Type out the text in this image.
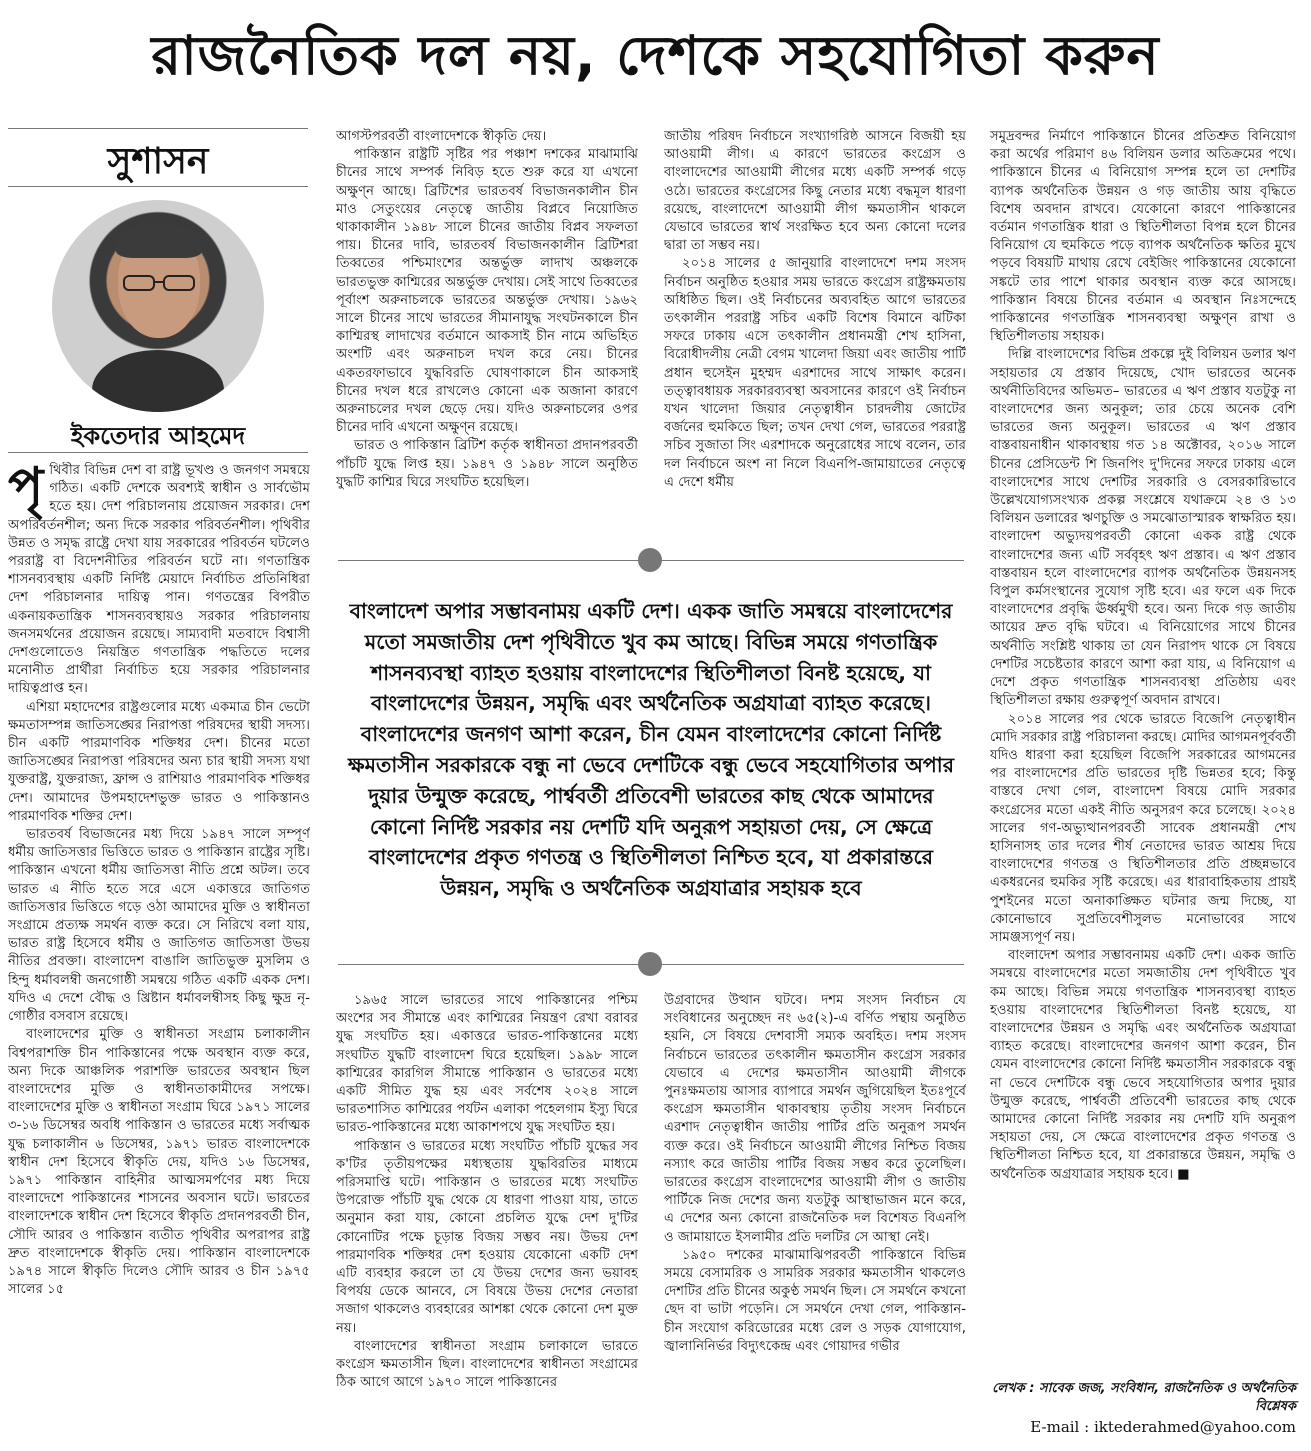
রাজনৈতিক দল নয়, দেশকে সহযোগিতা করুন
সুশাসন
ইকতেদার আহমেদ

পৃথিবীর বিভিন্ন দেশ বা রাষ্ট্র ভূখণ্ড ও জনগণ সমন্বয়ে গঠিত। একটি দেশকে অবশ্যই স্বাধীন ও সার্বভৌম হতে হয়। দেশ পরিচালনায় প্রয়োজন সরকার। দেশ অপরিবর্তনশীল; অন্য দিকে সরকার পরিবর্তনশীল। পৃথিবীর উন্নত ও সমৃদ্ধ রাষ্ট্রে দেখা যায় সরকারের পরিবর্তন ঘটলেও পররাষ্ট্র বা বিদেশনীতির পরিবর্তন ঘটে না। গণতান্ত্রিক শাসনব্যবস্থায় একটি নির্দিষ্ট মেয়াদে নির্বাচিত প্রতিনিধিরা দেশ পরিচালনার দায়িত্ব পান। গণতন্ত্রের বিপরীত একনায়কতান্ত্রিক শাসনব্যবস্থায়ও সরকার পরিচালনায় জনসমর্থনের প্রয়োজন রয়েছে। সাম্যবাদী মতবাদে বিশ্বাসী দেশগুলোতেও নিয়ন্ত্রিত গণতান্ত্রিক পদ্ধতিতে দলের মনোনীত প্রার্থীরা নির্বাচিত হয়ে সরকার পরিচালনার দায়িত্বপ্রাপ্ত হন।

এশিয়া মহাদেশের রাষ্ট্রগুলোর মধ্যে একমাত্র চীন ভেটো ক্ষমতাসম্পন্ন জাতিসঙ্ঘের নিরাপত্তা পরিষদের স্থায়ী সদস্য। চীন একটি পারমাণবিক শক্তিধর দেশ। চীনের মতো জাতিসঙ্ঘের নিরাপত্তা পরিষদের অন্য চার স্থায়ী সদস্য যথা যুক্তরাষ্ট্র, যুক্তরাজ্য, ফ্রান্স ও রাশিয়াও পারমাণবিক শক্তিধর দেশ। আমাদের উপমহাদেশভুক্ত ভারত ও পাকিস্তানও পারমাণবিক শক্তির দেশ।

ভারতবর্ষ বিভাজনের মধ্য দিয়ে ১৯৪৭ সালে সম্পূর্ণ ধর্মীয় জাতিসত্তার ভিত্তিতে ভারত ও পাকিস্তান রাষ্ট্রের সৃষ্টি। পাকিস্তান এখনো ধর্মীয় জাতিসত্তা নীতি প্রশ্নে অটল। তবে ভারত এ নীতি হতে সরে এসে একাত্তরে জাতিগত জাতিসত্তার ভিত্তিতে গড়ে ওঠা আমাদের মুক্তি ও স্বাধীনতা সংগ্রামে প্রত্যক্ষ সমর্থন ব্যক্ত করে। সে নিরিখে বলা যায়, ভারত রাষ্ট্র হিসেবে ধর্মীয় ও জাতিগত জাতিসত্তা উভয় নীতির প্রবক্তা। বাংলাদেশ বাঙালি জাতিভুক্ত মুসলিম ও হিন্দু ধর্মাবলম্বী জনগোষ্ঠী সমন্বয়ে গঠিত একটি একক দেশ। যদিও এ দেশে বৌদ্ধ ও খ্রিষ্টান ধর্মাবলম্বীসহ কিছু ক্ষুদ্র নৃ-গোষ্ঠীর বসবাস রয়েছে।

বাংলাদেশের মুক্তি ও স্বাধীনতা সংগ্রাম চলাকালীন বিশ্বপরাশক্তি চীন পাকিস্তানের পক্ষে অবস্থান ব্যক্ত করে, অন্য দিকে আঞ্চলিক পরাশক্তি ভারতের অবস্থান ছিল বাংলাদেশের মুক্তি ও স্বাধীনতাকামীদের সপক্ষে। বাংলাদেশের মুক্তি ও স্বাধীনতা সংগ্রাম ঘিরে ১৯৭১ সালের ৩-১৬ ডিসেম্বর অবধি পাকিস্তান ও ভারতের মধ্যে সর্বাত্মক যুদ্ধ চলাকালীন ৬ ডিসেম্বর, ১৯৭১ ভারত বাংলাদেশকে স্বাধীন দেশ হিসেবে স্বীকৃতি দেয়, যদিও ১৬ ডিসেম্বর, ১৯৭১ পাকিস্তান বাহিনীর আত্মসমর্পণের মধ্য দিয়ে বাংলাদেশে পাকিস্তানের শাসনের অবসান ঘটে। ভারতের বাংলাদেশকে স্বাধীন দেশ হিসেবে স্বীকৃতি প্রদানপরবর্তী চীন, সৌদি আরব ও পাকিস্তান ব্যতীত পৃথিবীর অপরাপর রাষ্ট্র দ্রুত বাংলাদেশকে স্বীকৃতি দেয়। পাকিস্তান বাংলাদেশকে ১৯৭৪ সালে স্বীকৃতি দিলেও সৌদি আরব ও চীন ১৯৭৫ সালের ১৫

আগস্টপরবর্তী বাংলাদেশকে স্বীকৃতি দেয়।

পাকিস্তান রাষ্ট্রটি সৃষ্টির পর পঞ্চাশ দশকের মাঝামাঝি চীনের সাথে সম্পর্ক নিবিড় হতে শুরু করে যা এখনো অক্ষুণ্ন আছে। ব্রিটিশের ভারতবর্ষ বিভাজনকালীন চীন মাও সেতুংয়ের নেতৃত্বে জাতীয় বিপ্লবে নিয়োজিত থাকাকালীন ১৯৪৮ সালে চীনের জাতীয় বিপ্লব সফলতা পায়। চীনের দাবি, ভারতবর্ষ বিভাজনকালীন ব্রিটিশরা তিব্বতের পশ্চিমাংশের অন্তর্ভুক্ত লাদাখ অঞ্চলকে ভারতভুক্ত কাশ্মিরের অন্তর্ভুক্ত দেখায়। সেই সাথে তিব্বতের পূর্বাংশ অরুনাচলকে ভারতের অন্তর্ভুক্ত দেখায়। ১৯৬২ সালে চীনের সাথে ভারতের সীমানাযুদ্ধ সংঘটনকালে চীন কাশ্মিরস্থ লাদাখের বর্তমানে আকসাই চীন নামে অভিহিত অংশটি এবং অরুনাচল দখল করে নেয়। চীনের একতরফাভাবে যুদ্ধবিরতি ঘোষণাকালে চীন আকসাই চীনের দখল ধরে রাখলেও কোনো এক অজানা কারণে অরুনাচলের দখল ছেড়ে দেয়। যদিও অরুনাচলের ওপর চীনের দাবি এখনো অক্ষুণ্ন রয়েছে।

ভারত ও পাকিস্তান ব্রিটিশ কর্তৃক স্বাধীনতা প্রদানপরবর্তী পাঁচটি যুদ্ধে লিপ্ত হয়। ১৯৪৭ ও ১৯৪৮ সালে অনুষ্ঠিত যুদ্ধটি কাশ্মির ঘিরে সংঘটিত হয়েছিল।

জাতীয় পরিষদ নির্বাচনে সংখ্যাগরিষ্ঠ আসনে বিজয়ী হয় আওয়ামী লীগ। এ কারণে ভারতের কংগ্রেস ও বাংলাদেশের আওয়ামী লীগের মধ্যে একটি সম্পর্ক গড়ে ওঠে। ভারতের কংগ্রেসের কিছু নেতার মধ্যে বদ্ধমূল ধারণা রয়েছে, বাংলাদেশে আওয়ামী লীগ ক্ষমতাসীন থাকলে যেভাবে ভারতের স্বার্থ সংরক্ষিত হবে অন্য কোনো দলের দ্বারা তা সম্ভব নয়।

২০১৪ সালের ৫ জানুয়ারি বাংলাদেশে দশম সংসদ নির্বাচন অনুষ্ঠিত হওয়ার সময় ভারতে কংগ্রেস রাষ্ট্রক্ষমতায় অধিষ্ঠিত ছিল। ওই নির্বাচনের অব্যবহিত আগে ভারতের তৎকালীন পররাষ্ট্র সচিব একটি বিশেষ বিমানে ঝটিকা সফরে ঢাকায় এসে তৎকালীন প্রধানমন্ত্রী শেখ হাসিনা, বিরোধীদলীয় নেত্রী বেগম খালেদা জিয়া এবং জাতীয় পার্টি প্রধান হুসেইন মুহম্মদ এরশাদের সাথে সাক্ষাৎ করেন। তত্ত্বাবধায়ক সরকারব্যবস্থা অবসানের কারণে ওই নির্বাচন যখন খালেদা জিয়ার নেতৃত্বাধীন চারদলীয় জোটের বর্জনের হুমকিতে ছিল; তখন দেখা গেল, ভারতের পররাষ্ট্র সচিব সুজাতা সিং এরশাদকে অনুরোধের সাথে বলেন, তার দল নির্বাচনে অংশ না নিলে বিএনপি-জামায়াতের নেতৃত্বে এ দেশে ধর্মীয়

বাংলাদেশ অপার সম্ভাবনাময় একটি দেশ। একক জাতি সমন্বয়ে বাংলাদেশের মতো সমজাতীয় দেশ পৃথিবীতে খুব কম আছে। বিভিন্ন সময়ে গণতান্ত্রিক শাসনব্যবস্থা ব্যাহত হওয়ায় বাংলাদেশের স্থিতিশীলতা বিনষ্ট হয়েছে, যা বাংলাদেশের উন্নয়ন, সমৃদ্ধি এবং অর্থনৈতিক অগ্রযাত্রা ব্যাহত করেছে। বাংলাদেশের জনগণ আশা করেন, চীন যেমন বাংলাদেশের কোনো নির্দিষ্ট ক্ষমতাসীন সরকারকে বন্ধু না ভেবে দেশটিকে বন্ধু ভেবে সহযোগিতার অপার দুয়ার উন্মুক্ত করেছে, পার্শ্ববর্তী প্রতিবেশী ভারতের কাছ থেকে আমাদের কোনো নির্দিষ্ট সরকার নয় দেশটি যদি অনুরূপ সহায়তা দেয়, সে ক্ষেত্রে বাংলাদেশের প্রকৃত গণতন্ত্র ও স্থিতিশীলতা নিশ্চিত হবে, যা প্রকারান্তরে উন্নয়ন, সমৃদ্ধি ও অর্থনৈতিক অগ্রযাত্রার সহায়ক হবে

১৯৬৫ সালে ভারতের সাথে পাকিস্তানের পশ্চিম অংশের সব সীমান্তে এবং কাশ্মিরের নিয়ন্ত্রণ রেখা বরাবর যুদ্ধ সংঘটিত হয়। একাত্তরে ভারত-পাকিস্তানের মধ্যে সংঘটিত যুদ্ধটি বাংলাদেশ ঘিরে হয়েছিল। ১৯৯৮ সালে কাশ্মিরের কারগিল সীমান্তে পাকিস্তান ও ভারতের মধ্যে একটি সীমিত যুদ্ধ হয় এবং সর্বশেষ ২০২৪ সালে ভারতশাসিত কাশ্মিরের পর্যটন এলাকা পহেলগাম ইস্যু ঘিরে ভারত-পাকিস্তানের মধ্যে আকাশপথে যুদ্ধ সংঘটিত হয়।

পাকিস্তান ও ভারতের মধ্যে সংঘটিত পাঁচটি যুদ্ধের সব ক'টির তৃতীয়পক্ষের মধ্যস্থতায় যুদ্ধবিরতির মাধ্যমে পরিসমাপ্তি ঘটে। পাকিস্তান ও ভারতের মধ্যে সংঘটিত উপরোক্ত পাঁচটি যুদ্ধ থেকে যে ধারণা পাওয়া যায়, তাতে অনুমান করা যায়, কোনো প্রচলিত যুদ্ধে দেশ দু'টির কোনোটির পক্ষে চূড়ান্ত বিজয় সম্ভব নয়। উভয় দেশ পারমাণবিক শক্তিধর দেশ হওয়ায় যেকোনো একটি দেশ এটি ব্যবহার করলে তা যে উভয় দেশের জন্য ভয়াবহ বিপর্যয় ডেকে আনবে, সে বিষয়ে উভয় দেশের নেতারা সজাগ থাকলেও ব্যবহারের আশঙ্কা থেকে কোনো দেশ মুক্ত নয়।

বাংলাদেশের স্বাধীনতা সংগ্রাম চলাকালে ভারতে কংগ্রেস ক্ষমতাসীন ছিল। বাংলাদেশের স্বাধীনতা সংগ্রামের ঠিক আগে আগে ১৯৭০ সালে পাকিস্তানের

উগ্রবাদের উত্থান ঘটবে। দশম সংসদ নির্বাচন যে সংবিধানের অনুচ্ছেদ নং ৬৫(২)-এ বর্ণিত পন্থায় অনুষ্ঠিত হয়নি, সে বিষয়ে দেশবাসী সম্যক অবহিত। দশম সংসদ নির্বাচনে ভারতের তৎকালীন ক্ষমতাসীন কংগ্রেস সরকার যেভাবে এ দেশের ক্ষমতাসীন আওয়ামী লীগকে পুনঃক্ষমতায় আসার ব্যাপারে সমর্থন জুগিয়েছিল ইতঃপূর্বে কংগ্রেস ক্ষমতাসীন থাকাবস্থায় তৃতীয় সংসদ নির্বাচনে এরশাদ নেতৃত্বাধীন জাতীয় পার্টির প্রতি অনুরূপ সমর্থন ব্যক্ত করে। ওই নির্বাচনে আওয়ামী লীগের নিশ্চিত বিজয় নস্যাৎ করে জাতীয় পার্টির বিজয় সম্ভব করে তুলেছিল। ভারতের কংগ্রেস বাংলাদেশের আওয়ামী লীগ ও জাতীয় পার্টিকে নিজ দেশের জন্য যতটুকু আস্থাভাজন মনে করে, এ দেশের অন্য কোনো রাজনৈতিক দল বিশেষত বিএনপি ও জামায়াতে ইসলামীর প্রতি দলটির সে আস্থা নেই।

১৯৫০ দশকের মাঝামাঝিপরবর্তী পাকিস্তানে বিভিন্ন সময়ে বেসামরিক ও সামরিক সরকার ক্ষমতাসীন থাকলেও দেশটির প্রতি চীনের অকুণ্ঠ সমর্থন ছিল। সে সমর্থনে কখনো ছেদ বা ভাটা পড়েনি। সে সমর্থনে দেখা গেল, পাকিস্তান-চীন সংযোগ করিডোরের মধ্যে রেল ও সড়ক যোগাযোগ, জ্বালানিনির্ভর বিদ্যুৎকেন্দ্র এবং গোয়াদর গভীর

সমুদ্রবন্দর নির্মাণে পাকিস্তানে চীনের প্রতিশ্রুত বিনিয়োগ করা অর্থের পরিমাণ ৪৬ বিলিয়ন ডলার অতিক্রমের পথে। পাকিস্তানে চীনের এ বিনিয়োগ সম্পন্ন হলে তা দেশটির ব্যাপক অর্থনৈতিক উন্নয়ন ও গড় জাতীয় আয় বৃদ্ধিতে বিশেষ অবদান রাখবে। যেকোনো কারণে পাকিস্তানের বর্তমান গণতান্ত্রিক ধারা ও স্থিতিশীলতা বিপন্ন হলে চীনের বিনিয়োগ যে হুমকিতে পড়ে ব্যাপক অর্থনৈতিক ক্ষতির মুখে পড়বে বিষয়টি মাথায় রেখে বেইজিং পাকিস্তানের যেকোনো সঙ্কটে তার পাশে থাকার অবস্থান ব্যক্ত করে আসছে। পাকিস্তান বিষয়ে চীনের বর্তমান এ অবস্থান নিঃসন্দেহে পাকিস্তানের গণতান্ত্রিক শাসনব্যবস্থা অক্ষুণ্ন রাখা ও স্থিতিশীলতায় সহায়ক।

দিল্লি বাংলাদেশের বিভিন্ন প্রকল্পে দুই বিলিয়ন ডলার ঋণ সহায়তার যে প্রস্তাব দিয়েছে, খোদ ভারতের অনেক অর্থনীতিবিদের অভিমত– ভারতের এ ঋণ প্রস্তাব যতটুকু না বাংলাদেশের জন্য অনুকূল; তার চেয়ে অনেক বেশি ভারতের জন্য অনুকূল। ভারতের এ ঋণ প্রস্তাব বাস্তবায়নাধীন থাকাবস্থায় গত ১৪ অক্টোবর, ২০১৬ সালে চীনের প্রেসিডেন্ট শি জিনপিং দু'দিনের সফরে ঢাকায় এলে বাংলাদেশের সাথে দেশটির সরকারি ও বেসরকারিভাবে উল্লেখযোগ্যসংখ্যক প্রকল্প সংশ্লেষে যথাক্রমে ২৪ ও ১৩ বিলিয়ন ডলারের ঋণচুক্তি ও সমঝোতাস্মারক স্বাক্ষরিত হয়। বাংলাদেশ অভ্যুদয়পরবর্তী কোনো একক রাষ্ট্র থেকে বাংলাদেশের জন্য এটি সর্ববৃহৎ ঋণ প্রস্তাব। এ ঋণ প্রস্তাব বাস্তবায়ন হলে বাংলাদেশের ব্যাপক অর্থনৈতিক উন্নয়নসহ বিপুল কর্মসংস্থানের সুযোগ সৃষ্টি হবে। এর ফলে এক দিকে বাংলাদেশের প্রবৃদ্ধি ঊর্ধ্বমুখী হবে। অন্য দিকে গড় জাতীয় আয়ের দ্রুত বৃদ্ধি ঘটবে। এ বিনিয়োগের সাথে চীনের অর্থনীতি সংশ্লিষ্ট থাকায় তা যেন নিরাপদ থাকে সে বিষয়ে দেশটির সচেষ্টতার কারণে আশা করা যায়, এ বিনিয়োগ এ দেশে প্রকৃত গণতান্ত্রিক শাসনব্যবস্থা প্রতিষ্ঠায় এবং স্থিতিশীলতা রক্ষায় গুরুত্বপূর্ণ অবদান রাখবে।

২০১৪ সালের পর থেকে ভারতে বিজেপি নেতৃত্বাধীন মোদি সরকার রাষ্ট্র পরিচালনা করছে। মোদির আগমনপূর্ববর্তী যদিও ধারণা করা হয়েছিল বিজেপি সরকারের আগমনের পর বাংলাদেশের প্রতি ভারতের দৃষ্টি ভিন্নতর হবে; কিন্তু বাস্তবে দেখা গেল, বাংলাদেশ বিষয়ে মোদি সরকার কংগ্রেসের মতো একই নীতি অনুসরণ করে চলেছে। ২০২৪ সালের গণ-অভ্যুত্থানপরবর্তী সাবেক প্রধানমন্ত্রী শেখ হাসিনাসহ তার দলের শীর্ষ নেতাদের ভারত আশ্রয় দিয়ে বাংলাদেশের গণতন্ত্র ও স্থিতিশীলতার প্রতি প্রচ্ছন্নভাবে একধরনের হুমকির সৃষ্টি করেছে। এর ধারাবাহিকতায় প্রায়ই পুশইনের মতো অনাকাঙ্ক্ষিত ঘটনার জন্ম দিচ্ছে, যা কোনোভাবে সুপ্রতিবেশীসুলভ মনোভাবের সাথে সামঞ্জস্যপূর্ণ নয়।

বাংলাদেশ অপার সম্ভাবনাময় একটি দেশ। একক জাতি সমন্বয়ে বাংলাদেশের মতো সমজাতীয় দেশ পৃথিবীতে খুব কম আছে। বিভিন্ন সময়ে গণতান্ত্রিক শাসনব্যবস্থা ব্যাহত হওয়ায় বাংলাদেশের স্থিতিশীলতা বিনষ্ট হয়েছে, যা বাংলাদেশের উন্নয়ন ও সমৃদ্ধি এবং অর্থনৈতিক অগ্রযাত্রা ব্যাহত করেছে। বাংলাদেশের জনগণ আশা করেন, চীন যেমন বাংলাদেশের কোনো নির্দিষ্ট ক্ষমতাসীন সরকারকে বন্ধু না ভেবে দেশটিকে বন্ধু ভেবে সহযোগিতার অপার দুয়ার উন্মুক্ত করেছে, পার্শ্ববর্তী প্রতিবেশী ভারতের কাছ থেকে আমাদের কোনো নির্দিষ্ট সরকার নয় দেশটি যদি অনুরূপ সহায়তা দেয়, সে ক্ষেত্রে বাংলাদেশের প্রকৃত গণতন্ত্র ও স্থিতিশীলতা নিশ্চিত হবে, যা প্রকারান্তরে উন্নয়ন, সমৃদ্ধি ও অর্থনৈতিক অগ্রযাত্রার সহায়ক হবে। ■

লেখক : সাবেক জজ, সংবিধান, রাজনৈতিক ও অর্থনৈতিক বিশ্লেষক
E-mail : iktederahmed@yahoo.com
